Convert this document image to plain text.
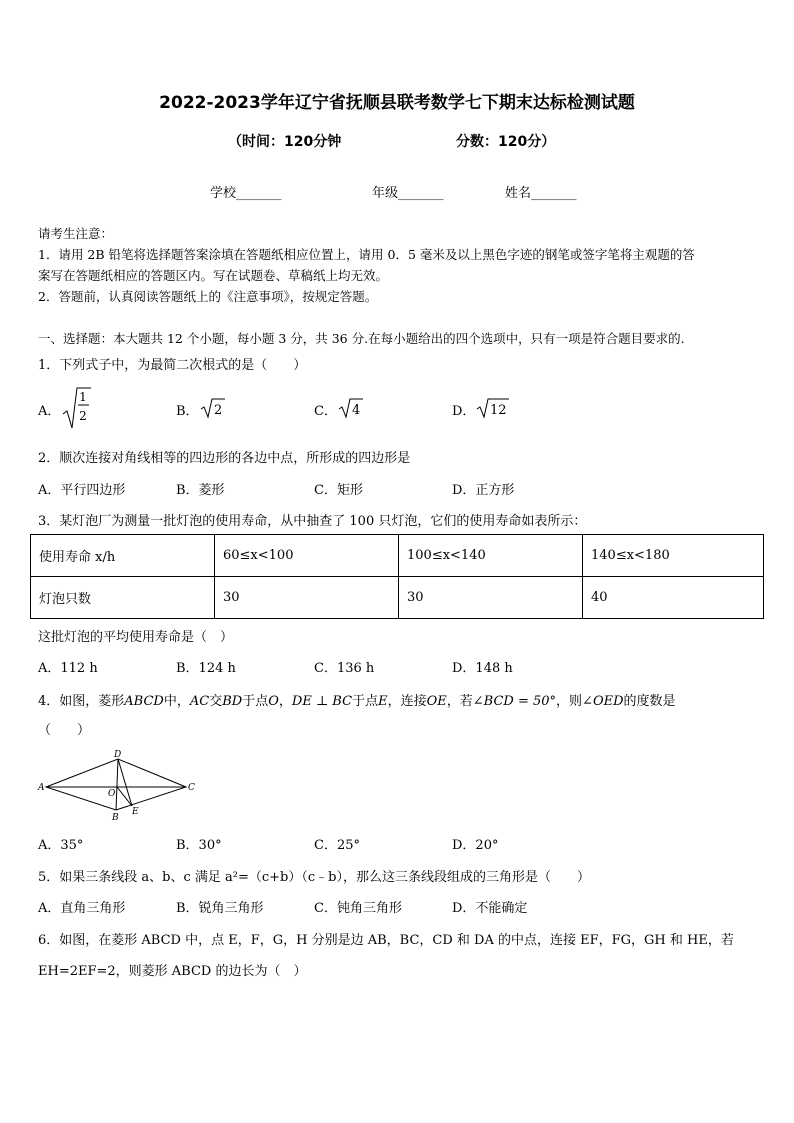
2022-2023学年辽宁省抚顺县联考数学七下期末达标检测试题
（时间：120分钟	分数：120分）
学校_______	年级_______	姓名_______
请考生注意：
1．请用 2B 铅笔将选择题答案涂填在答题纸相应位置上，请用 0．5 毫米及以上黑色字迹的钢笔或签字笔将主观题的答
案写在答题纸相应的答题区内。写在试题卷、草稿纸上均无效。
2．答题前，认真阅读答题纸上的《注意事项》，按规定答题。
一、选择题：本大题共 12 个小题，每小题 3 分，共 36 分.在每小题给出的四个选项中，只有一项是符合题目要求的.
1．下列式子中，为最简二次根式的是（　　）
A．
1
2	B． 2	C． 4	D． 12
2．顺次连接对角线相等的四边形的各边中点，所形成的四边形是
A．平行四边形	B．菱形	C．矩形	D．正方形
3．某灯泡厂为测量一批灯泡的使用寿命，从中抽查了 100 只灯泡，它们的使用寿命如表所示：
使用寿命 x/h	60≤x<100	100≤x<140	140≤x<180
灯泡只数	30	30	40
这批灯泡的平均使用寿命是（　）
A．112 h	B．124 h	C．136 h	D．148 h
4．如图，菱形ABCD中，AC交BD于点O，DE ⊥ BC于点E，连接OE，若∠BCD = 50°，则∠OED的度数是
（　　）
A
D
C
B
O
E
A．35°	B．30°	C．25°	D．20°
5．如果三条线段 a、b、c 满足 a²=（c+b）（c﹣b），那么这三条线段组成的三角形是（　　）
A．直角三角形	B．锐角三角形	C．钝角三角形	D．不能确定
6．如图，在菱形 ABCD 中，点 E，F，G，H 分别是边 AB，BC，CD 和 DA 的中点，连接 EF，FG，GH 和 HE，若
EH=2EF=2，则菱形 ABCD 的边长为（　）
